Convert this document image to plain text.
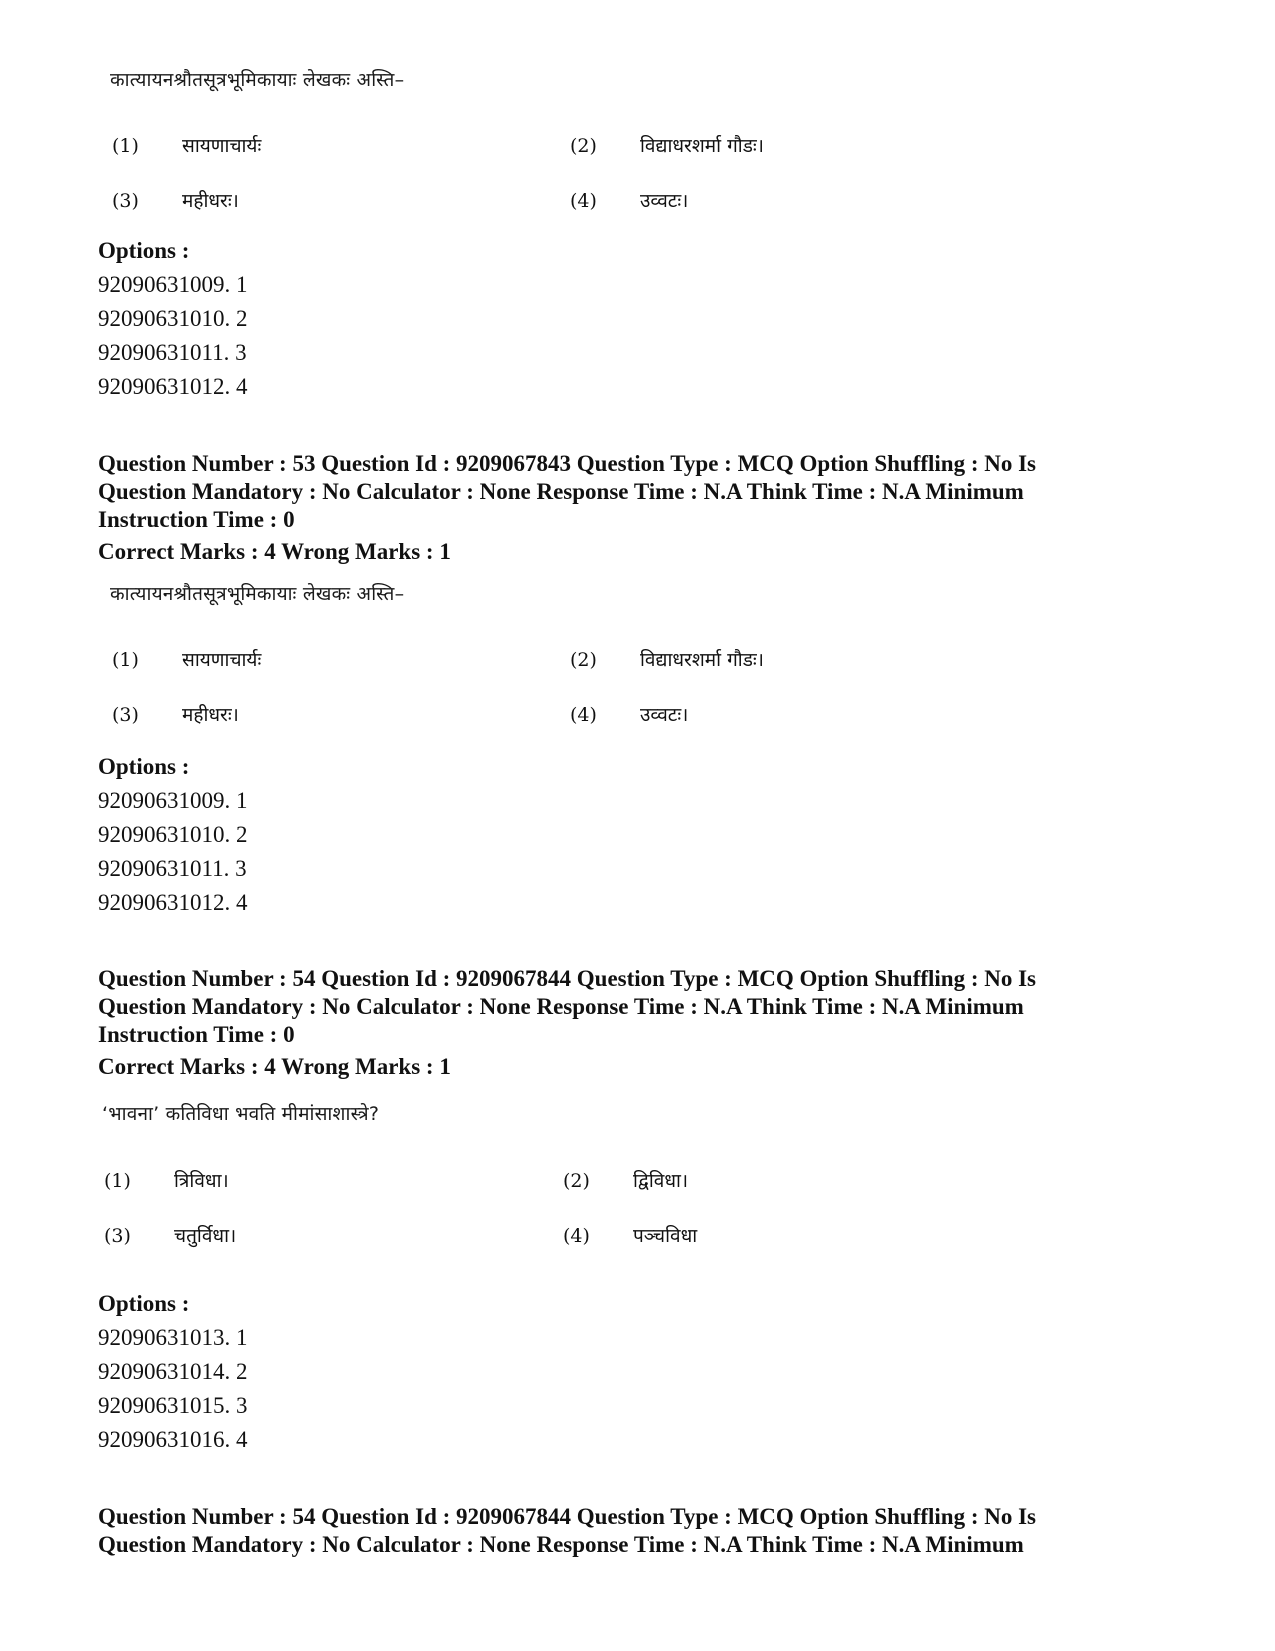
कात्यायनश्रौतसूत्रभूमिकायाः लेखकः अस्ति–
(1) सायणाचार्यः	(2) विद्याधरशर्मा गौडः।
(3) महीधरः।	(4) उव्वटः।
Options :
92090631009. 1
92090631010. 2
92090631011. 3
92090631012. 4
Question Number : 53 Question Id : 9209067843 Question Type : MCQ Option Shuffling : No Is
Question Mandatory : No Calculator : None Response Time : N.A Think Time : N.A Minimum
Instruction Time : 0
Correct Marks : 4 Wrong Marks : 1
कात्यायनश्रौतसूत्रभूमिकायाः लेखकः अस्ति–
(1) सायणाचार्यः	(2) विद्याधरशर्मा गौडः।
(3) महीधरः।	(4) उव्वटः।
Options :
92090631009. 1
92090631010. 2
92090631011. 3
92090631012. 4
Question Number : 54 Question Id : 9209067844 Question Type : MCQ Option Shuffling : No Is
Question Mandatory : No Calculator : None Response Time : N.A Think Time : N.A Minimum
Instruction Time : 0
Correct Marks : 4 Wrong Marks : 1
‘भावना’ कतिविधा भवति मीमांसाशास्त्रे?
(1) त्रिविधा।	(2) द्विविधा।
(3) चतुर्विधा।	(4) पञ्चविधा
Options :
92090631013. 1
92090631014. 2
92090631015. 3
92090631016. 4
Question Number : 54 Question Id : 9209067844 Question Type : MCQ Option Shuffling : No Is
Question Mandatory : No Calculator : None Response Time : N.A Think Time : N.A Minimum
